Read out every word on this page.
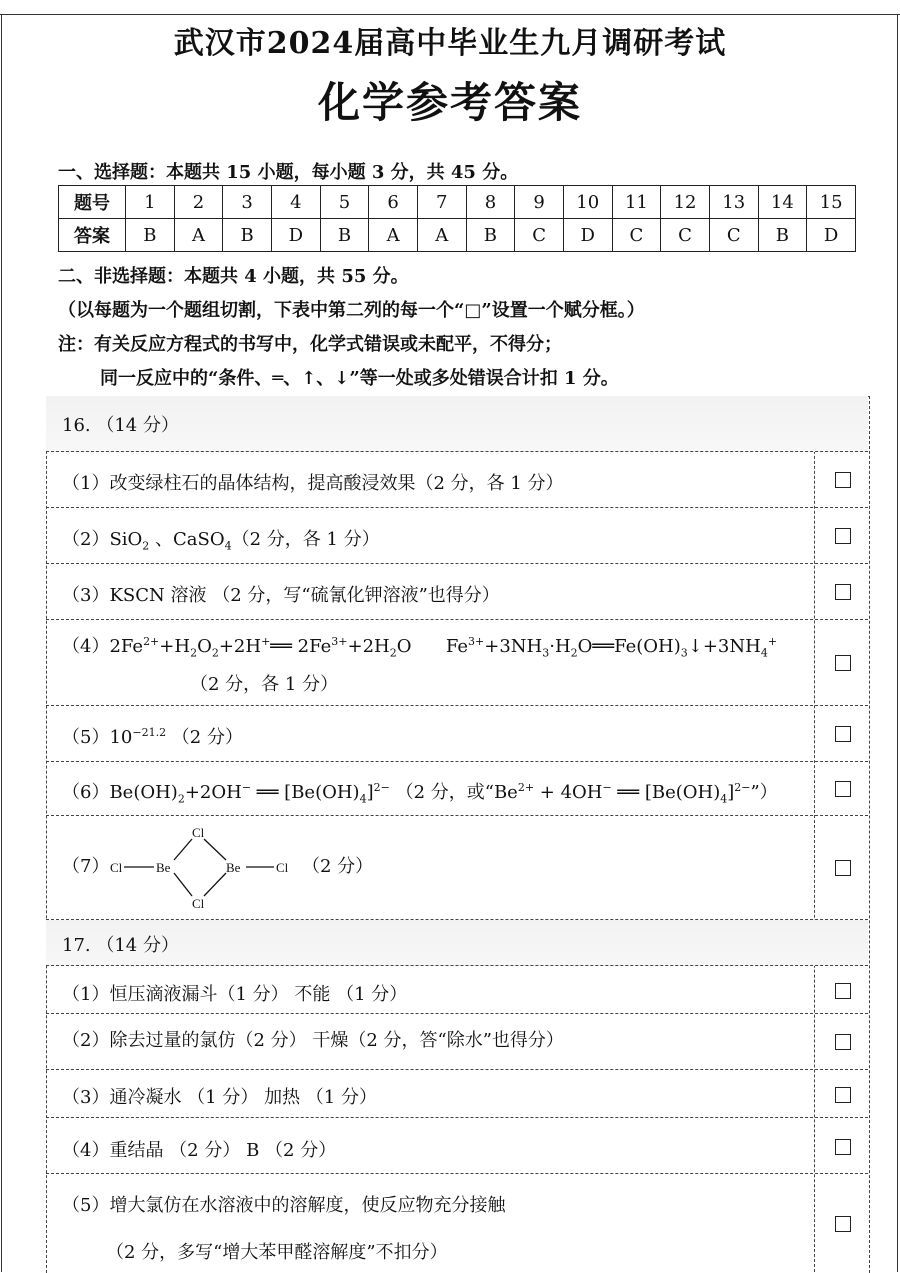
武汉市2024届高中毕业生九月调研考试
化学参考答案
一、选择题：本题共 15 小题，每小题 3 分，共 45 分。
题号	1	2	3	4	5	6	7	8	9	10	11	12	13	14	15
答案	B	A	B	D	B	A	A	B	C	D	C	C	C	B	D
二、非选择题：本题共 4 小题，共 55 分。
（以每题为一个题组切割，下表中第二列的每一个“□”设置一个赋分框。）
注：有关反应方程式的书写中，化学式错误或未配平，不得分；
同一反应中的“条件、═、↑、↓”等一处或多处错误合计扣 1 分。
16. （14 分）
（1）改变绿柱石的晶体结构，提高酸浸效果（2 分，各 1 分）
（2）SiO$_2$ 、CaSO$_4$（2 分，各 1 分）
（3）KSCN 溶液 （2 分，写“硫氰化钾溶液”也得分）
$(4)2Fe^{2+}+H_2O_2+2H^+══$ $2Fe^{3+}+2H_2O$ $Fe^{3+}+3NH_3\cdot H_2O══Fe(OH)_3↓+3NH_4^+$
（2 分，各 1 分）
$(5)10^{-21.2}$ （2 分）
$(6)Be(OH)_2+2OH^-$ ══ $[Be(OH)_4]^{2-}$ （2 分，或“$Be^{2+} + 4OH^-$ ══ $[Be(OH)_4]^{2-}$”）
（7） Cl	Be
Cl
Cl
Be	Cl （2 分）
17. （14 分）
（1）恒压滴液漏斗（1 分） 不能 （1 分）
（2）除去过量的氯仿（2 分） 干燥（2 分，答“除水”也得分）
（3）通冷凝水 （1 分） 加热 （1 分）
（4）重结晶 （2 分） B （2 分）
（5）增大氯仿在水溶液中的溶解度，使反应物充分接触
（2 分，多写“增大苯甲醛溶解度”不扣分）
